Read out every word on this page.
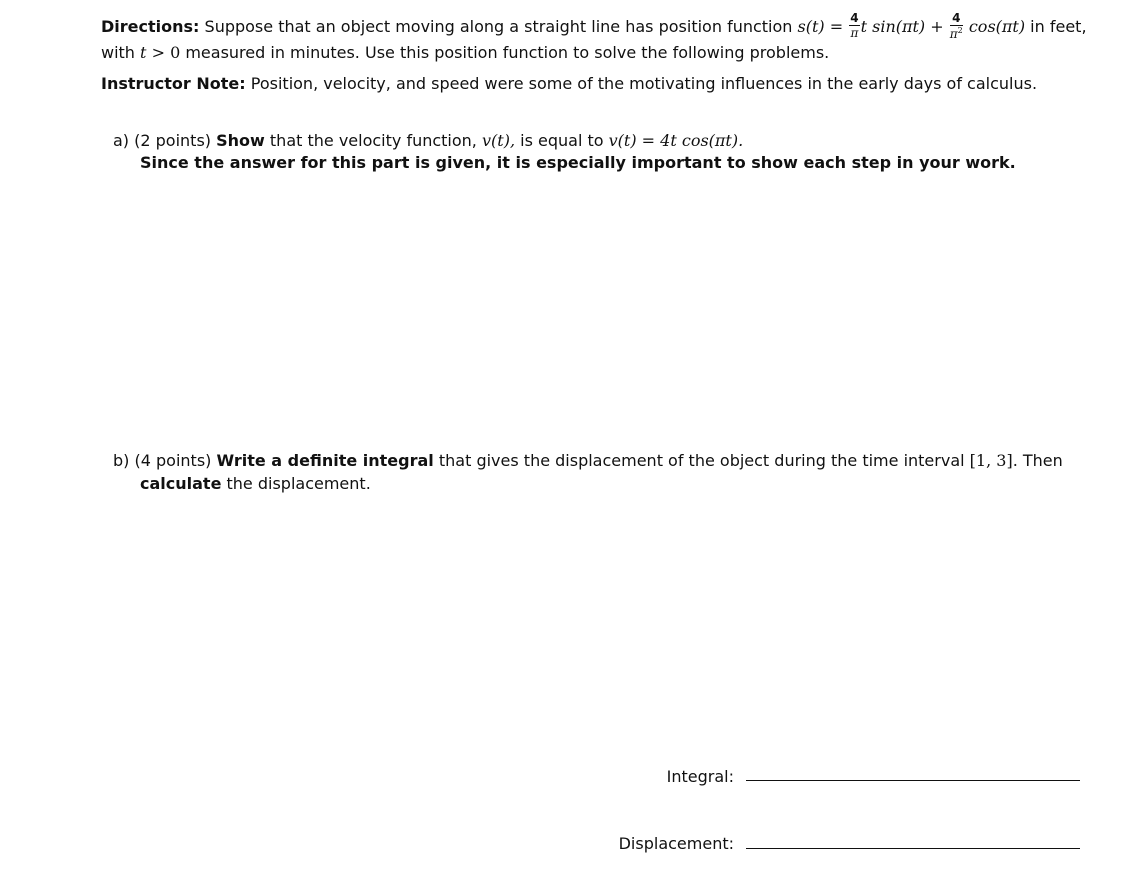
Directions: Suppose that an object moving along a straight line has position function $s(t) = \frac{4}{\pi}$ t $\sin(\pi t) + \frac{4}{\pi^2} \cos(\pi t)$ in feet,
with t > 0 measured in minutes. Use this position function to solve the following problems.
Instructor Note: Position, velocity, and speed were some of the motivating influences in the early days of calculus.
a) (2 points) Show that the velocity function, v(t), is equal to v(t) = 4t cos(πt).
Since the answer for this part is given, it is especially important to show each step in your work.
b) (4 points) Write a definite integral that gives the displacement of the object during the time interval [1, 3]. Then
calculate the displacement.
Integral:
Displacement:
